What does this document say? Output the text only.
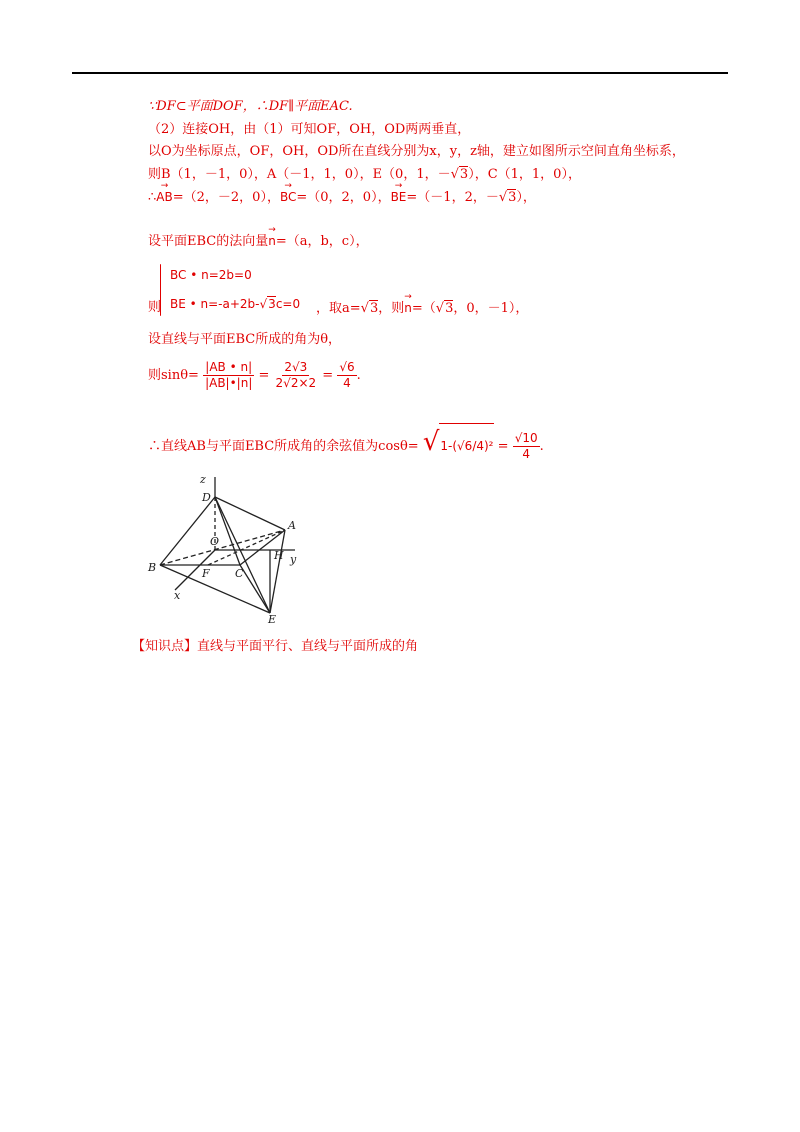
∵DF⊂平面DOF，∴DF∥平面EAC.
（2）连接OH，由（1）可知OF，OH，OD两两垂直，
以O为坐标原点，OF，OH，OD所在直线分别为x，y，z轴，建立如图所示空间直角坐标系，
则B（1，－1，0），A（－1，1，0），E（0，1，－√3），C（1，1，0），
∴→ AB=（2，－2，0），→ BC=（0，2，0），→ BE=（－1，2，－√3），
设平面EBC的法向量→ n=（a，b，c），
BC • n=2b=0
BE • n=-a+2b-√3c=0
则	，取a=√3，则→ n=（√3，0，－1），
设直线与平面EBC所成的角为θ，
则$\sin\theta= \frac{|AB • n|}{|AB|•|n|} = \frac{2√3}{2√2\times 2} = \frac{√6}{4}$ .
∴直线AB与平面EBC所成角的余弦值为$\cos\theta= √1-(√6/4)^2 = \frac{√10}{4}$ .
z
D
A
O
H y
B	F C
x
E
【知识点】直线与平面平行、直线与平面所成的角
